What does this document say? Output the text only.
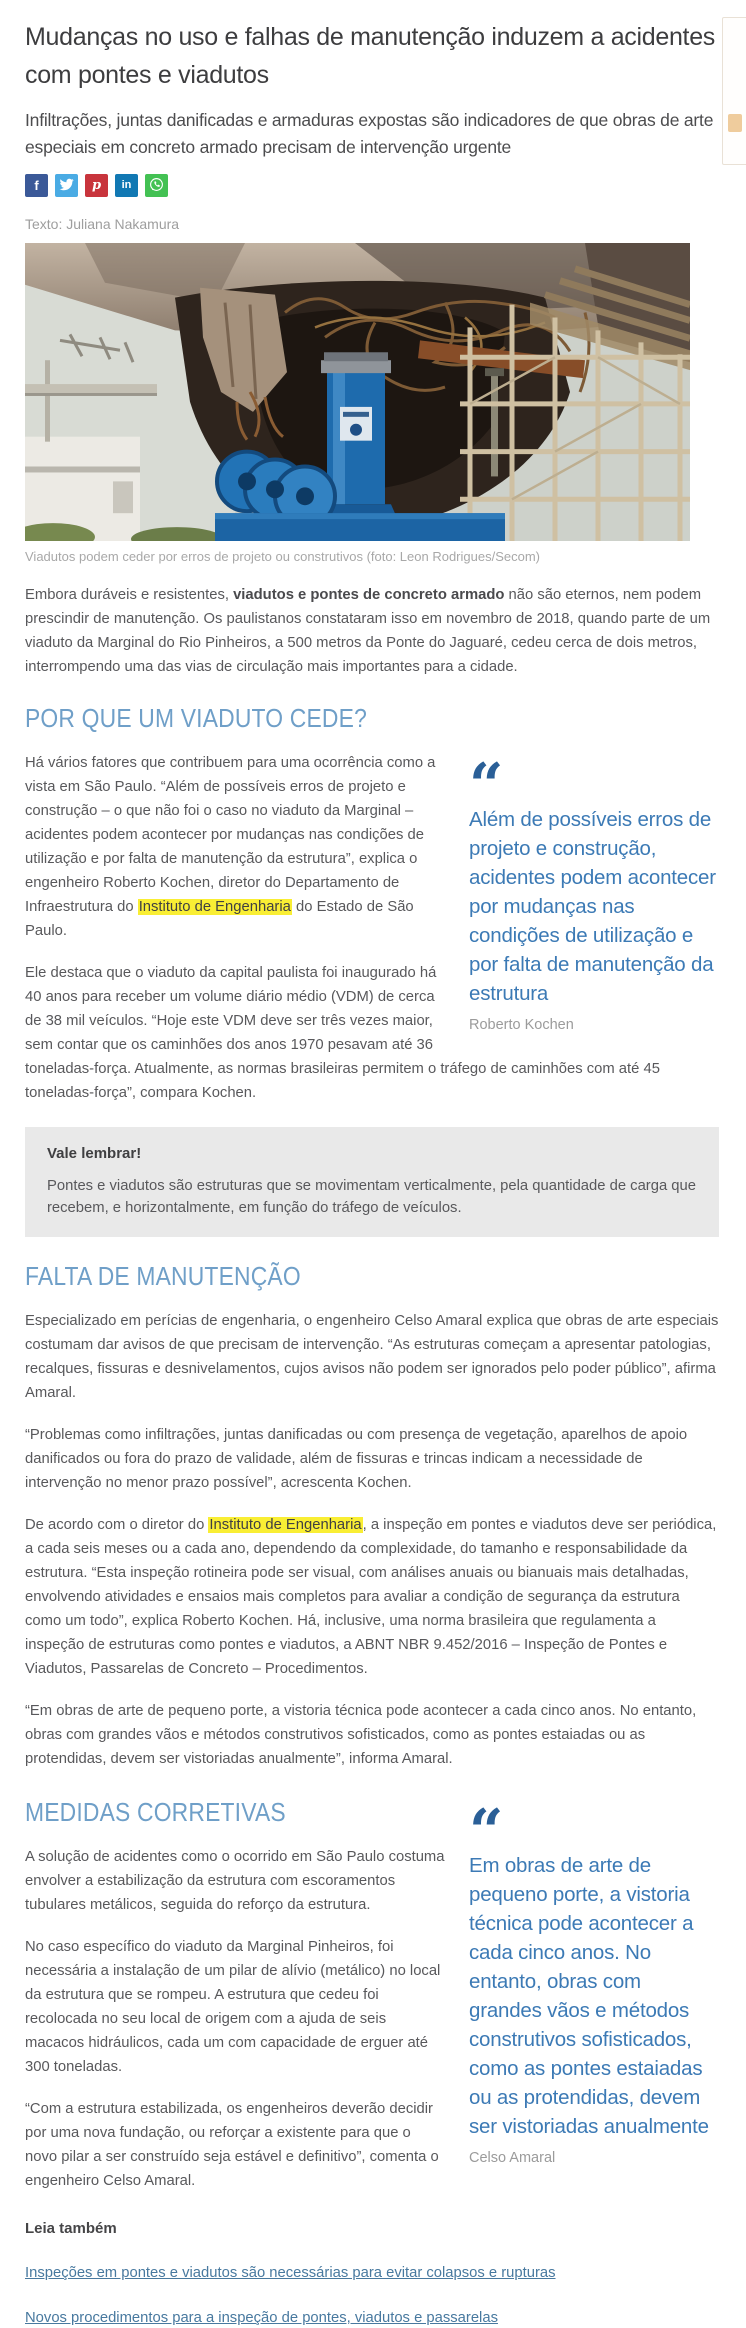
Mudanças no uso e falhas de manutenção induzem a acidentes com pontes e viadutos

Infiltrações, juntas danificadas e armaduras expostas são indicadores de que obras de arte especiais em concreto armado precisam de intervenção urgente

f	p in
Texto: Juliana Nakamura
Viadutos podem ceder por erros de projeto ou construtivos (foto: Leon Rodrigues/Secom)

Embora duráveis e resistentes, viadutos e pontes de concreto armado não são eternos, nem podem prescindir de manutenção. Os paulistanos constataram isso em novembro de 2018, quando parte de um viaduto da Marginal do Rio Pinheiros, a 500 metros da Ponte do Jaguaré, cedeu cerca de dois metros, interrompendo uma das vias de circulação mais importantes para a cidade.

POR QUE UM VIADUTO CEDE?
“
Além de possíveis erros de projeto e construção, acidentes podem acontecer por mudanças nas condições de utilização e por falta de manutenção da estrutura
Roberto Kochen

Há vários fatores que contribuem para uma ocorrência como a vista em São Paulo. “Além de possíveis erros de projeto e construção – o que não foi o caso no viaduto da Marginal – acidentes podem acontecer por mudanças nas condições de utilização e por falta de manutenção da estrutura”, explica o engenheiro Roberto Kochen, diretor do Departamento de Infraestrutura do Instituto de Engenharia do Estado de São Paulo.

Ele destaca que o viaduto da capital paulista foi inaugurado há 40 anos para receber um volume diário médio (VDM) de cerca de 38 mil veículos. “Hoje este VDM deve ser três vezes maior, sem contar que os caminhões dos anos 1970 pesavam até 36 toneladas-força. Atualmente, as normas brasileiras permitem o tráfego de caminhões com até 45 toneladas-força”, compara Kochen.

Vale lembrar!
Pontes e viadutos são estruturas que se movimentam verticalmente, pela quantidade de carga que recebem, e horizontalmente, em função do tráfego de veículos.
FALTA DE MANUTENÇÃO

Especializado em perícias de engenharia, o engenheiro Celso Amaral explica que obras de arte especiais costumam dar avisos de que precisam de intervenção. “As estruturas começam a apresentar patologias, recalques, fissuras e desnivelamentos, cujos avisos não podem ser ignorados pelo poder público”, afirma Amaral.

“Problemas como infiltrações, juntas danificadas ou com presença de vegetação, aparelhos de apoio danificados ou fora do prazo de validade, além de fissuras e trincas indicam a necessidade de intervenção no menor prazo possível”, acrescenta Kochen.

De acordo com o diretor do Instituto de Engenharia, a inspeção em pontes e viadutos deve ser periódica, a cada seis meses ou a cada ano, dependendo da complexidade, do tamanho e responsabilidade da estrutura. “Esta inspeção rotineira pode ser visual, com análises anuais ou bianuais mais detalhadas, envolvendo atividades e ensaios mais completos para avaliar a condição de segurança da estrutura como um todo”, explica Roberto Kochen. Há, inclusive, uma norma brasileira que regulamenta a inspeção de estruturas como pontes e viadutos, a ABNT NBR 9.452/2016 – Inspeção de Pontes e Viadutos, Passarelas de Concreto – Procedimentos.

“Em obras de arte de pequeno porte, a vistoria técnica pode acontecer a cada cinco anos. No entanto, obras com grandes vãos e métodos construtivos sofisticados, como as pontes estaiadas ou as protendidas, devem ser vistoriadas anualmente”, informa Amaral.

“
Em obras de arte de pequeno porte, a vistoria técnica pode acontecer a cada cinco anos. No entanto, obras com grandes vãos e métodos construtivos sofisticados, como as pontes estaiadas ou as protendidas, devem ser vistoriadas anualmente
Celso Amaral
MEDIDAS CORRETIVAS

A solução de acidentes como o ocorrido em São Paulo costuma envolver a estabilização da estrutura com escoramentos tubulares metálicos, seguida do reforço da estrutura.

No caso específico do viaduto da Marginal Pinheiros, foi necessária a instalação de um pilar de alívio (metálico) no local da estrutura que se rompeu. A estrutura que cedeu foi recolocada no seu local de origem com a ajuda de seis macacos hidráulicos, cada um com capacidade de erguer até 300 toneladas.

“Com a estrutura estabilizada, os engenheiros deverão decidir por uma nova fundação, ou reforçar a existente para que o novo pilar a ser construído seja estável e definitivo”, comenta o engenheiro Celso Amaral.

Leia também

Inspeções em pontes e viadutos são necessárias para evitar colapsos e rupturas
Novos procedimentos para a inspeção de pontes, viadutos e passarelas
